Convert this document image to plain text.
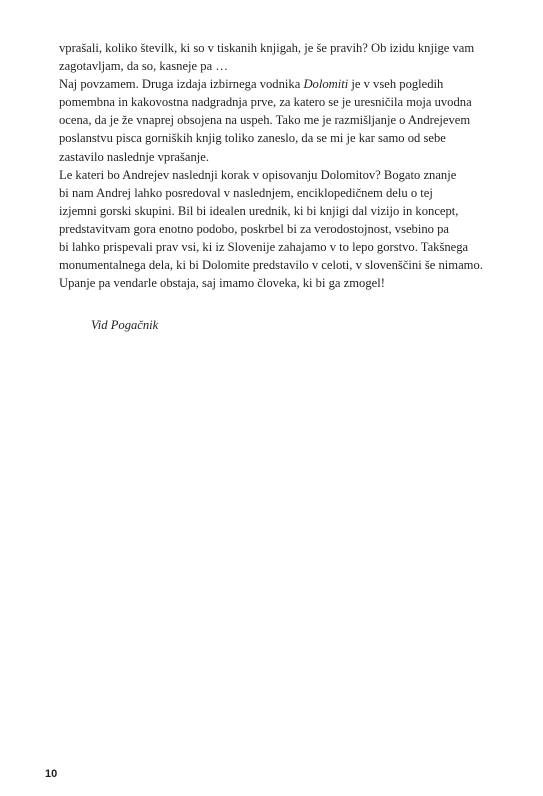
vprašali, koliko številk, ki so v tiskanih knjigah, je še pravih? Ob izidu knjige vam
zagotavljam, da so, kasneje pa …
Naj povzamem. Druga izdaja izbirnega vodnika Dolomiti je v vseh pogledih
pomembna in kakovostna nadgradnja prve, za katero se je uresničila moja uvodna
ocena, da je že vnaprej obsojena na uspeh. Tako me je razmišljanje o Andrejevem
poslanstvu pisca gorniških knjig toliko zaneslo, da se mi je kar samo od sebe
zastavilo naslednje vprašanje.
Le kateri bo Andrejev naslednji korak v opisovanju Dolomitov? Bogato znanje
bi nam Andrej lahko posredoval v naslednjem, enciklopedičnem delu o tej
izjemni gorski skupini. Bil bi idealen urednik, ki bi knjigi dal vizijo in koncept,
predstavitvam gora enotno podobo, poskrbel bi za verodostojnost, vsebino pa
bi lahko prispevali prav vsi, ki iz Slovenije zahajamo v to lepo gorstvo. Takšnega
monumentalnega dela, ki bi Dolomite predstavilo v celoti, v slovenščini še nimamo.
Upanje pa vendarle obstaja, saj imamo človeka, ki bi ga zmogel!
Vid Pogačnik
10
